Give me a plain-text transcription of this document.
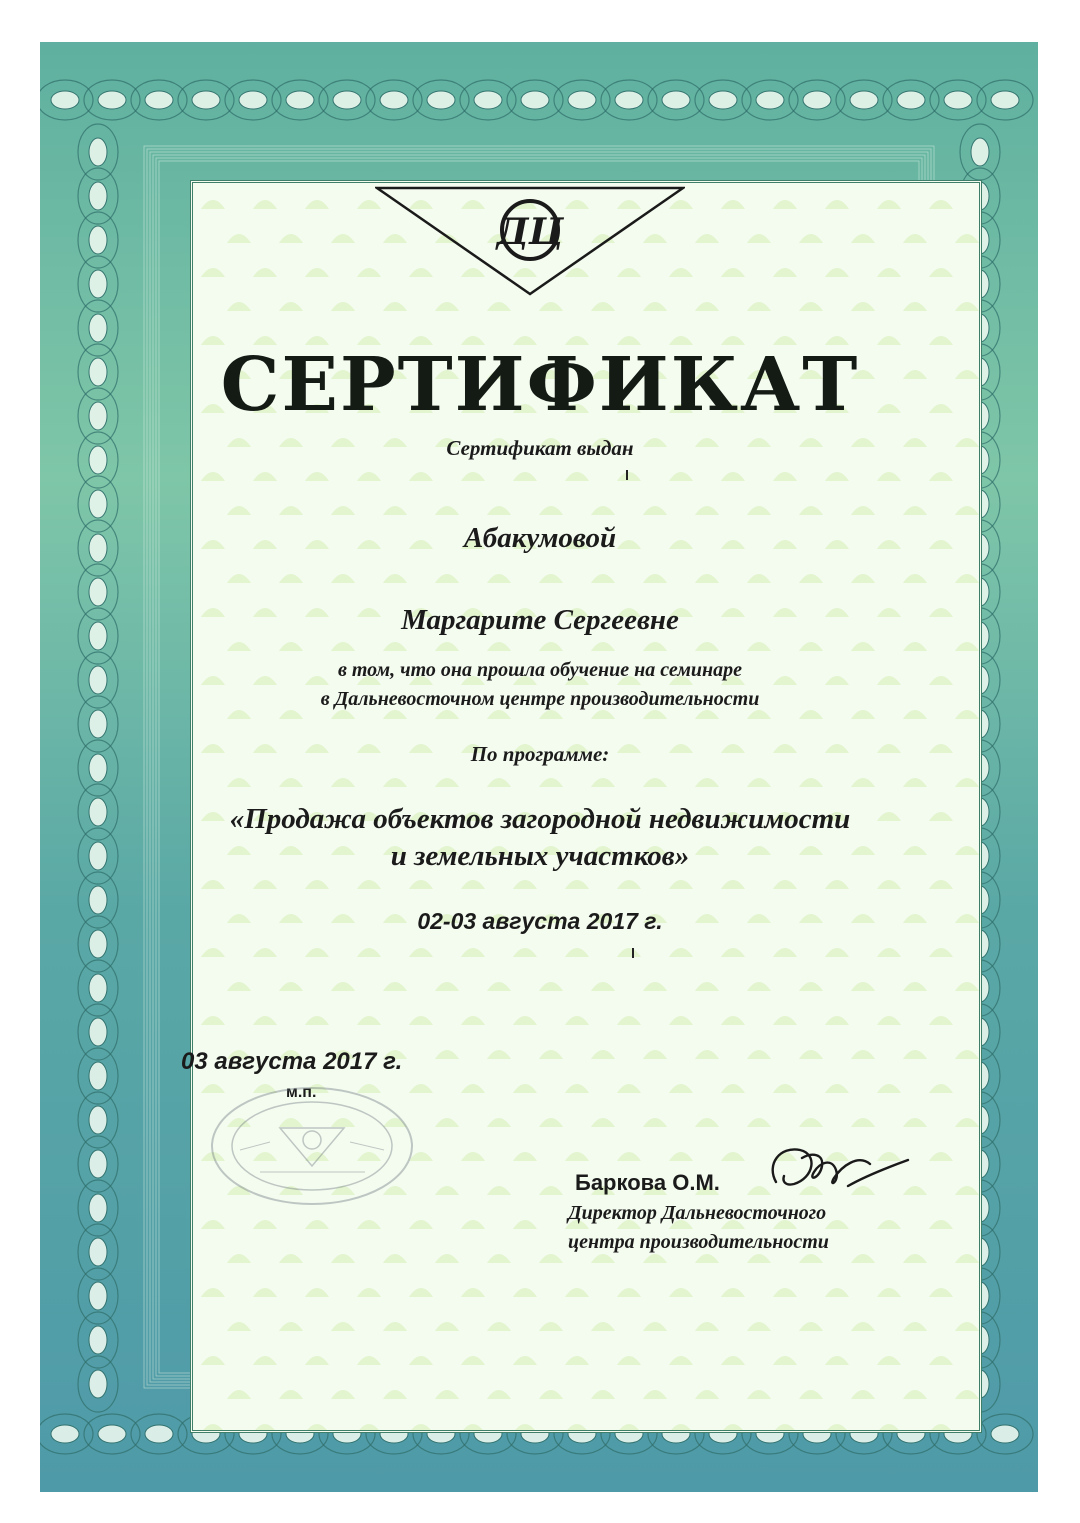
ДЦ
СЕРТИФИКАТ
Сертификат выдан
Абакумовой
Маргарите Сергеевне
в том, что она прошла обучение на семинаре
в Дальневосточном центре производительности
По программе:
«Продажа объектов загородной недвижимости
и земельных участков»
02-03 августа 2017 г.
03 августа 2017 г.
м.п.
Баркова О.М.
Директор Дальневосточного
центра производительности
